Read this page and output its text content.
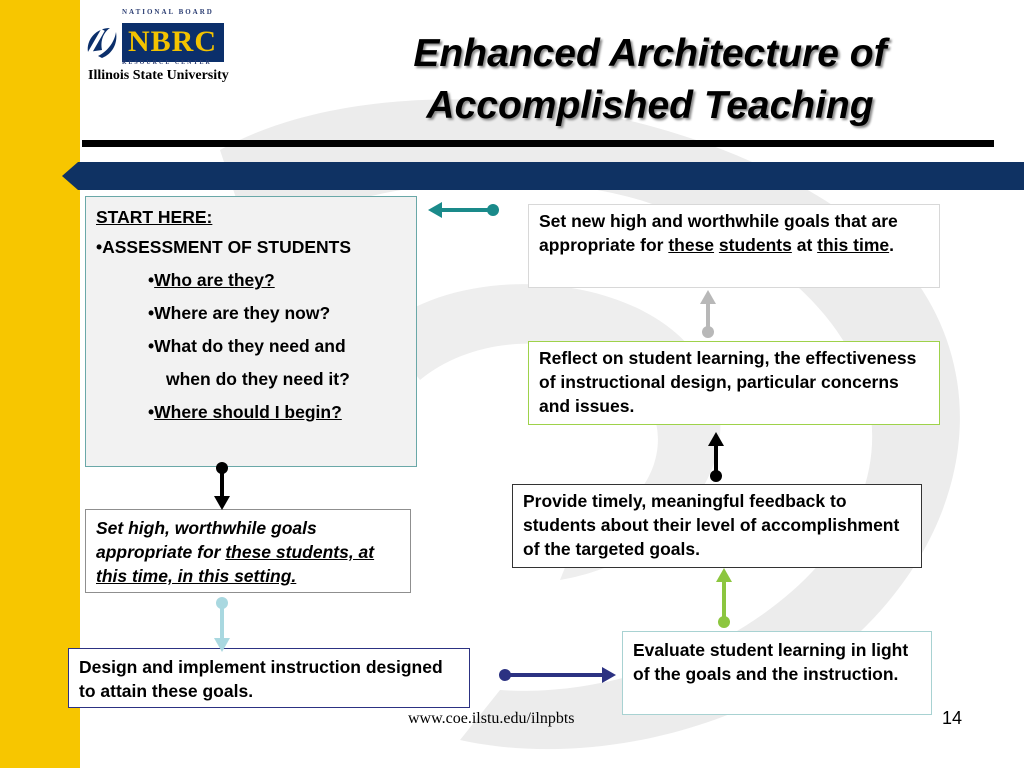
NATIONAL BOARD
NBRC
RESOURCE CENTER
Illinois State University
Enhanced Architecture of
Accomplished Teaching
START HERE:
•ASSESSMENT OF STUDENTS
•Who are they?
•Where are they now?
•What do they need and
when do they need it?
•Where should I begin?
Set high, worthwhile goals appropriate for these students, at this time, in this setting.
Design and implement instruction designed to attain these goals.
Evaluate student learning in light of the goals and the instruction.
Provide timely, meaningful feedback to students about their level of accomplishment of the targeted goals.
Reflect on student learning, the effectiveness of instructional design, particular concerns and issues.
Set new high and worthwhile goals that are appropriate for these students at this time.
www.coe.ilstu.edu/ilnpbts	14
